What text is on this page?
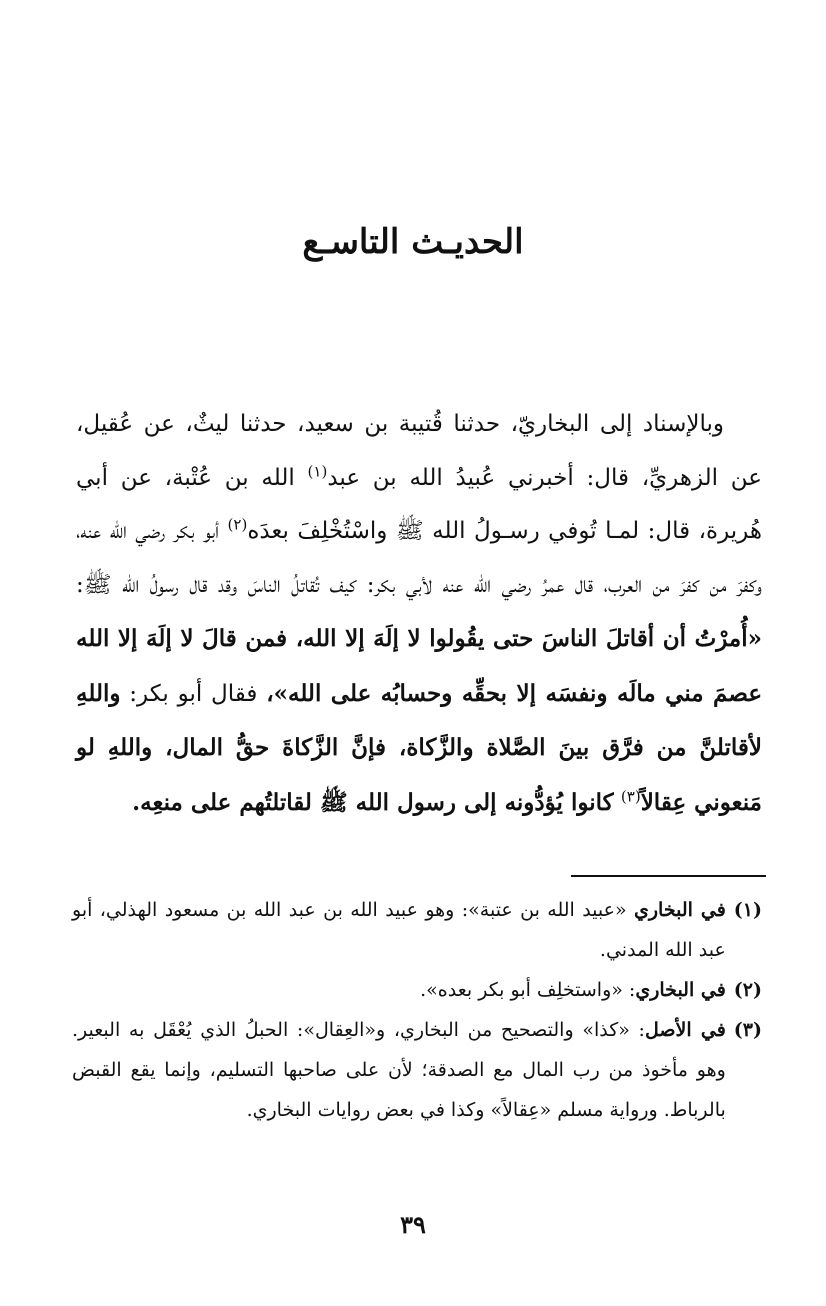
الحديـث التاسـع
وبالإسناد إلى البخاريّ، حدثنا قُتيبة بن سعيد، حدثنا ليثٌ، عن عُقيل، عن الزهريِّ، قال: أخبرني عُبيدُ الله بن عبد$^{(١)}$ الله بن عُتْبة، عن أبي هُريرة، قال: لمـا تُوفي رسـولُ الله ﷺ واسْتُخْلِفَ بعدَه$^{(٢)}$ أبو بكر رضي الله عنه، وكفرَ من كفرَ من العرب، قال عمرُ رضي الله عنه لأبي بكر: كيف تُقاتلُ الناسَ وقد قال رسولُ الله ﷺ: «أُمرْتُ أن أقاتلَ الناسَ حتى يقُولوا لا إلَهَ إلا الله، فمن قالَ لا إلَهَ إلا الله عصمَ مني مالَه ونفسَه إلا بحقِّه وحسابُه على الله»، فقال أبو بكر: واللهِ لأقاتلنَّ من فرَّق بينَ الصَّلاة والزَّكاة، فإنَّ الزَّكاةَ حقُّ المال، واللهِ لو مَنعوني عِقالاً$^{(٣)}$ كانوا يُؤدُّونه إلى رسول الله ﷺ لقاتلتُهم على منعِه.
(١)
في البخاري «عبيد الله بن عتبة»: وهو عبيد الله بن عبد الله بن مسعود الهذلي، أبو عبد الله المدني.
(٢)
في البخاري: «واستخلِف أبو بكر بعده».
(٣)
في الأصل: «كذا» والتصحيح من البخاري، و«العِقال»: الحبلُ الذي يُعْقَل به البعير. وهو مأخوذ من رب المال مع الصدقة؛ لأن على صاحبها التسليم، وإنما يقع القبض بالرباط. ورواية مسلم «عِقالاً» وكذا في بعض روايات البخاري.
٣٩
